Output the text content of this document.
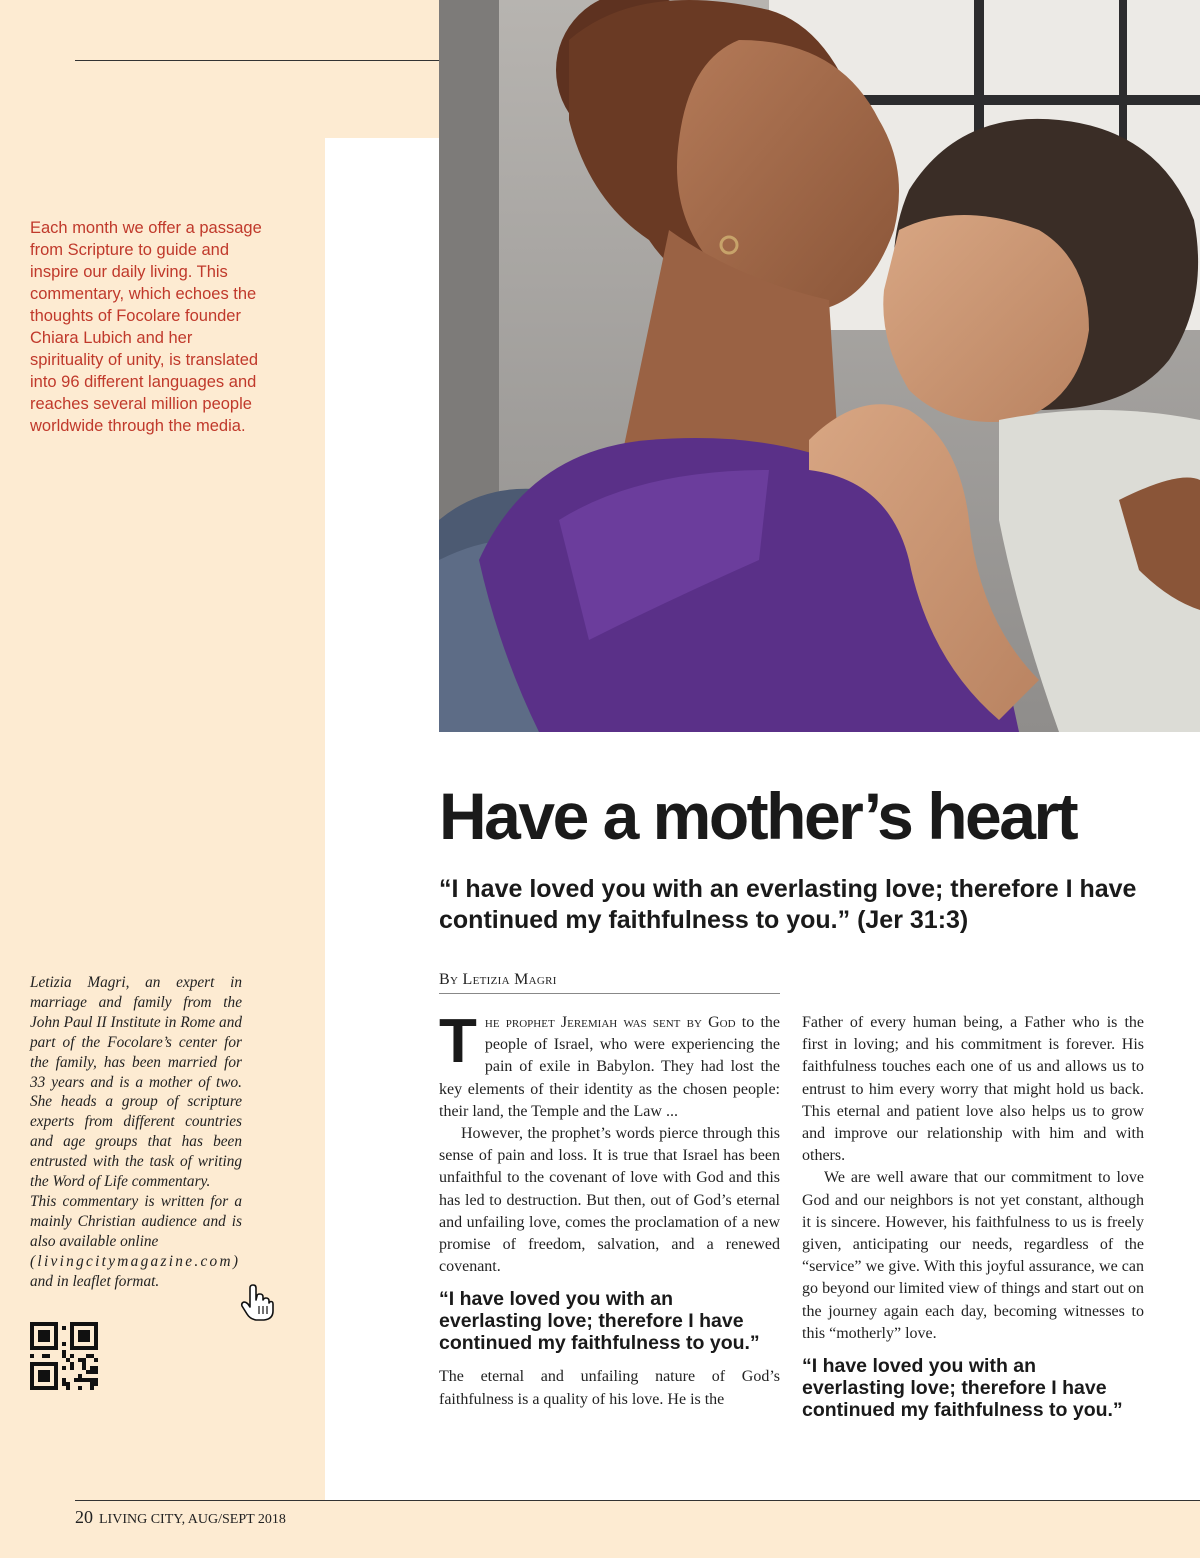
Each month we offer a passage from Scripture to guide and inspire our daily living. This commentary, which echoes the thoughts of Focolare founder Chiara Lubich and her spirituality of unity, is translated into 96 different languages and reaches several million people worldwide through the media.
Have a mother’s heart

“I have loved you with an everlasting love; therefore I have continued my faithfulness to you.” (Jer 31:3)

By Letizia Magri

The prophet Jeremiah was sent by God to the people of Israel, who were experiencing the pain of exile in Babylon. They had lost the key elements of their identity as the chosen people: their land, the Temple and the Law ...

However, the prophet’s words pierce through this sense of pain and loss. It is true that Israel has been unfaithful to the covenant of love with God and this has led to destruction. But then, out of God’s eternal and unfailing love, comes the proclamation of a new promise of freedom, salvation, and a renewed covenant.

“I have loved you with an everlasting love; therefore I have continued my faithfulness to you.”

The eternal and unfailing nature of God’s faithfulness is a quality of his love. He is the

Father of every human being, a Father who is the first in loving; and his commitment is forever. His faithfulness touches each one of us and allows us to entrust to him every worry that might hold us back. This eternal and patient love also helps us to grow and improve our relationship with him and with others.

We are well aware that our commitment to love God and our neighbors is not yet constant, although it is sincere. However, his faithfulness to us is freely given, anticipating our needs, regardless of the “service” we give. With this joyful assurance, we can go beyond our limited view of things and start out on the journey again each day, becoming witnesses to this “motherly” love.

“I have loved you with an everlasting love; therefore I have continued my faithfulness to you.”

Letizia Magri, an expert in marriage and family from the John Paul II Institute in Rome and part of the Focolare’s center for the family, has been married for 33 years and is a mother of two. She heads a group of scripture experts from different countries and age groups that has been entrusted with the task of writing the Word of Life commentary.

This commentary is written for a mainly Christian audience and is also available online

(livingcitymagazine.com)

and in leaflet format.

20 LIVING CITY, AUG/SEPT 2018
